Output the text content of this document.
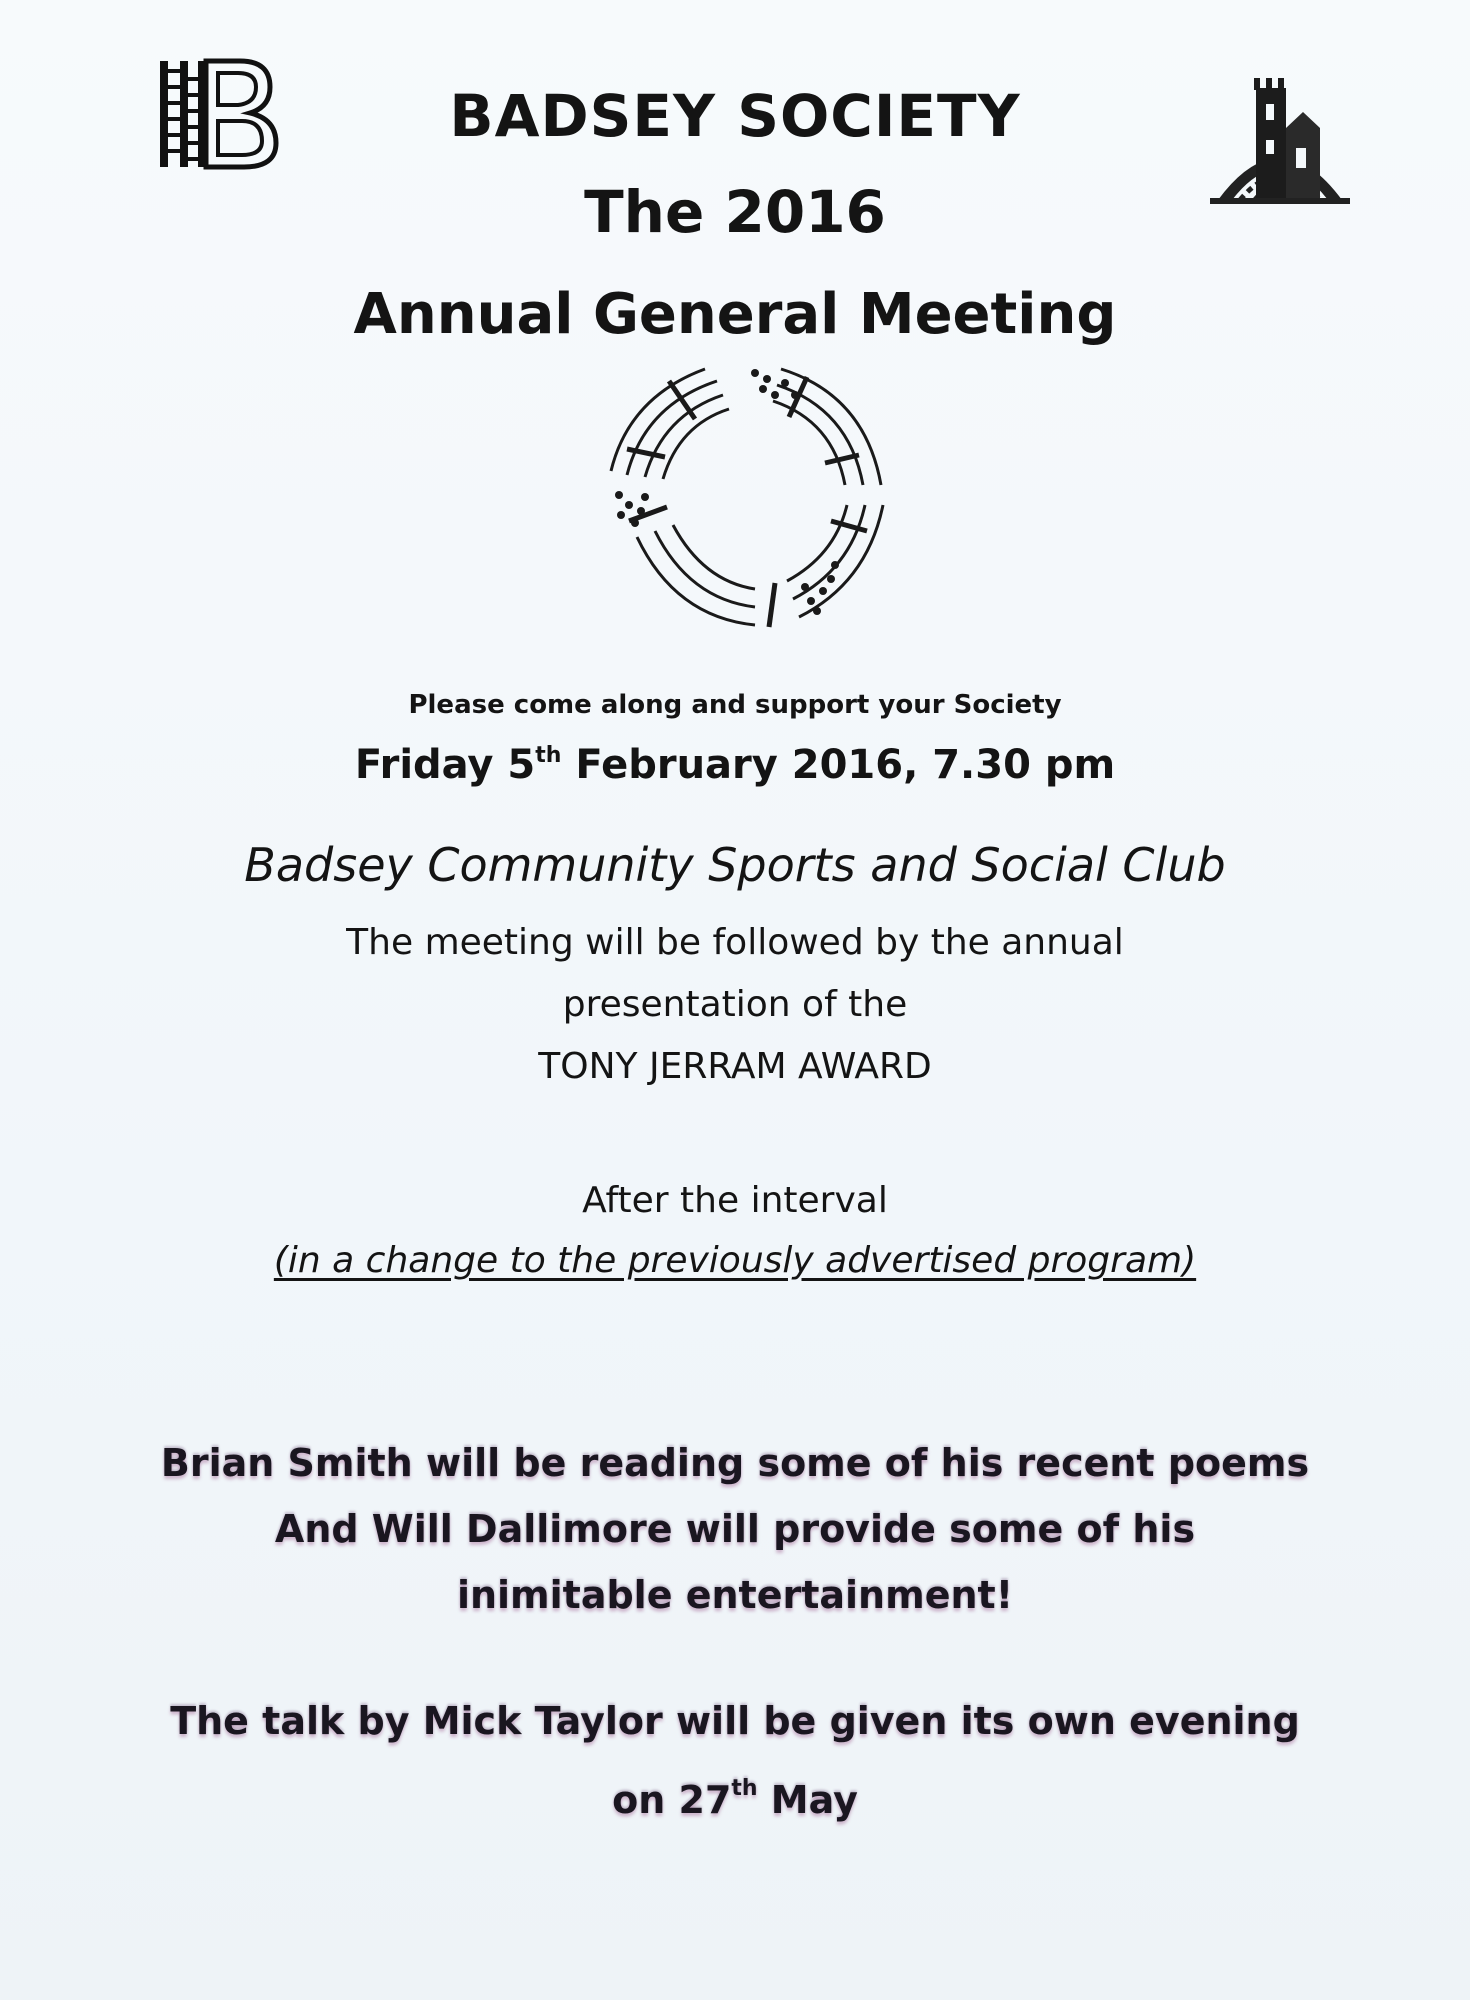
BADSEY SOCIETY
The 2016
Annual General Meeting
Please come along and support your Society
Friday 5th February 2016, 7.30 pm
Badsey Community Sports and Social Club
The meeting will be followed by the annual
presentation of the
TONY JERRAM AWARD
After the interval
(in a change to the previously advertised program)
Brian Smith will be reading some of his recent poems
And Will Dallimore will provide some of his
inimitable entertainment!
The talk by Mick Taylor will be given its own evening
on 27th May
